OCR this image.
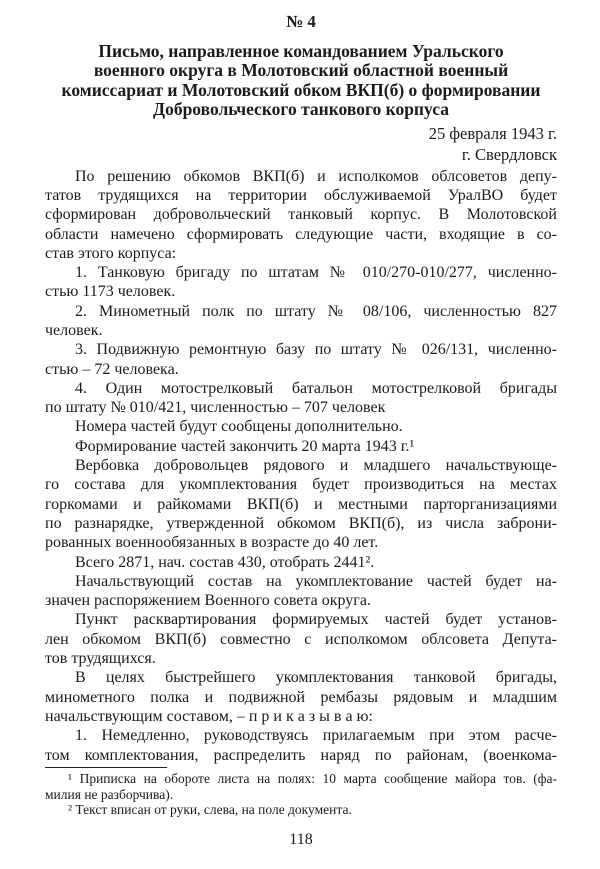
№ 4
Письмо, направленное командованием Уральского
военного округа в Молотовский областной военный
комиссариат и Молотовский обком ВКП(б) о формировании
Добровольческого танкового корпуса
25 февраля 1943 г.
г. Свердловск
По решению обкомов ВКП(б) и исполкомов облсоветов депу-
татов трудящихся на территории обслуживаемой УралВО будет
сформирован добровольческий танковый корпус. В Молотовской
области намечено сформировать следующие части, входящие в со-
став этого корпуса:
1. Танковую бригаду по штатам № 010/270-010/277, численно-
стью 1173 человек.
2. Минометный полк по штату № 08/106, численностью 827
человек.
3. Подвижную ремонтную базу по штату № 026/131, численно-
стью – 72 человека.
4. Один мотострелковый батальон мотострелковой бригады
по штату № 010/421, численностью – 707 человек
Номера частей будут сообщены дополнительно.
Формирование частей закончить 20 марта 1943 г.¹
Вербовка добровольцев рядового и младшего начальствующе-
го состава для укомплектования будет производиться на местах
горкомами и райкомами ВКП(б) и местными парторганизациями
по разнарядке, утвержденной обкомом ВКП(б), из числа заброни-
рованных военнообязанных в возрасте до 40 лет.
Всего 2871, нач. состав 430, отобрать 2441².
Начальствующий состав на укомплектование частей будет на-
значен распоряжением Военного совета округа.
Пункт расквартирования формируемых частей будет установ-
лен обкомом ВКП(б) совместно с исполкомом облсовета Депута-
тов трудящихся.
В целях быстрейшего укомплектования танковой бригады,
минометного полка и подвижной рембазы рядовым и младшим
начальствующим составом, – п р и к а з ы в а ю:
1. Немедленно, руководствуясь прилагаемым при этом расче-
том комплектования, распределить наряд по районам, (военкома-
¹ Приписка на обороте листа на полях: 10 марта сообщение майора тов. (фа-
милия не разборчива).
² Текст вписан от руки, слева, на поле документа.
118
